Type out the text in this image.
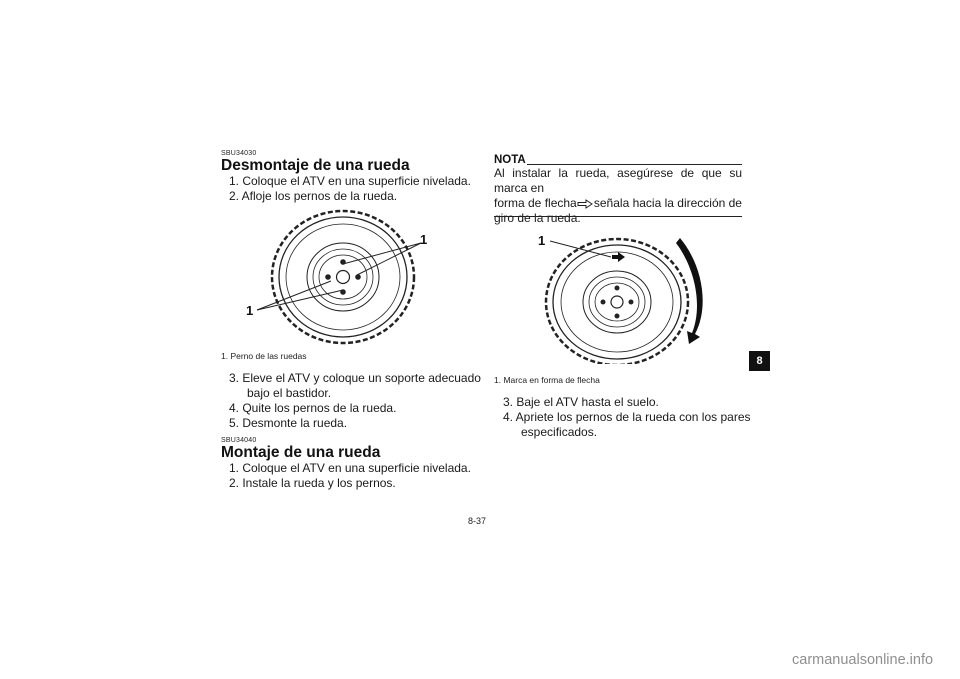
SBU34030
Desmontaje de una rueda
1. Coloque el ATV en una superficie nivelada.
2. Afloje los pernos de la rueda.
1
1
1. Perno de las ruedas
3. Eleve el ATV y coloque un soporte adecuado
bajo el bastidor.
4. Quite los pernos de la rueda.
5. Desmonte la rueda.
SBU34040
Montaje de una rueda
1. Coloque el ATV en una superficie nivelada.
2. Instale la rueda y los pernos.
NOTA
Al instalar la rueda, asegúrese de que su marca en
forma de flecha señala hacia la dirección de
giro de la rueda.
1
1. Marca en forma de flecha
3. Baje el ATV hasta el suelo.
4. Apriete los pernos de la rueda con los pares
especificados.
8
8-37
carmanualsonline.info
